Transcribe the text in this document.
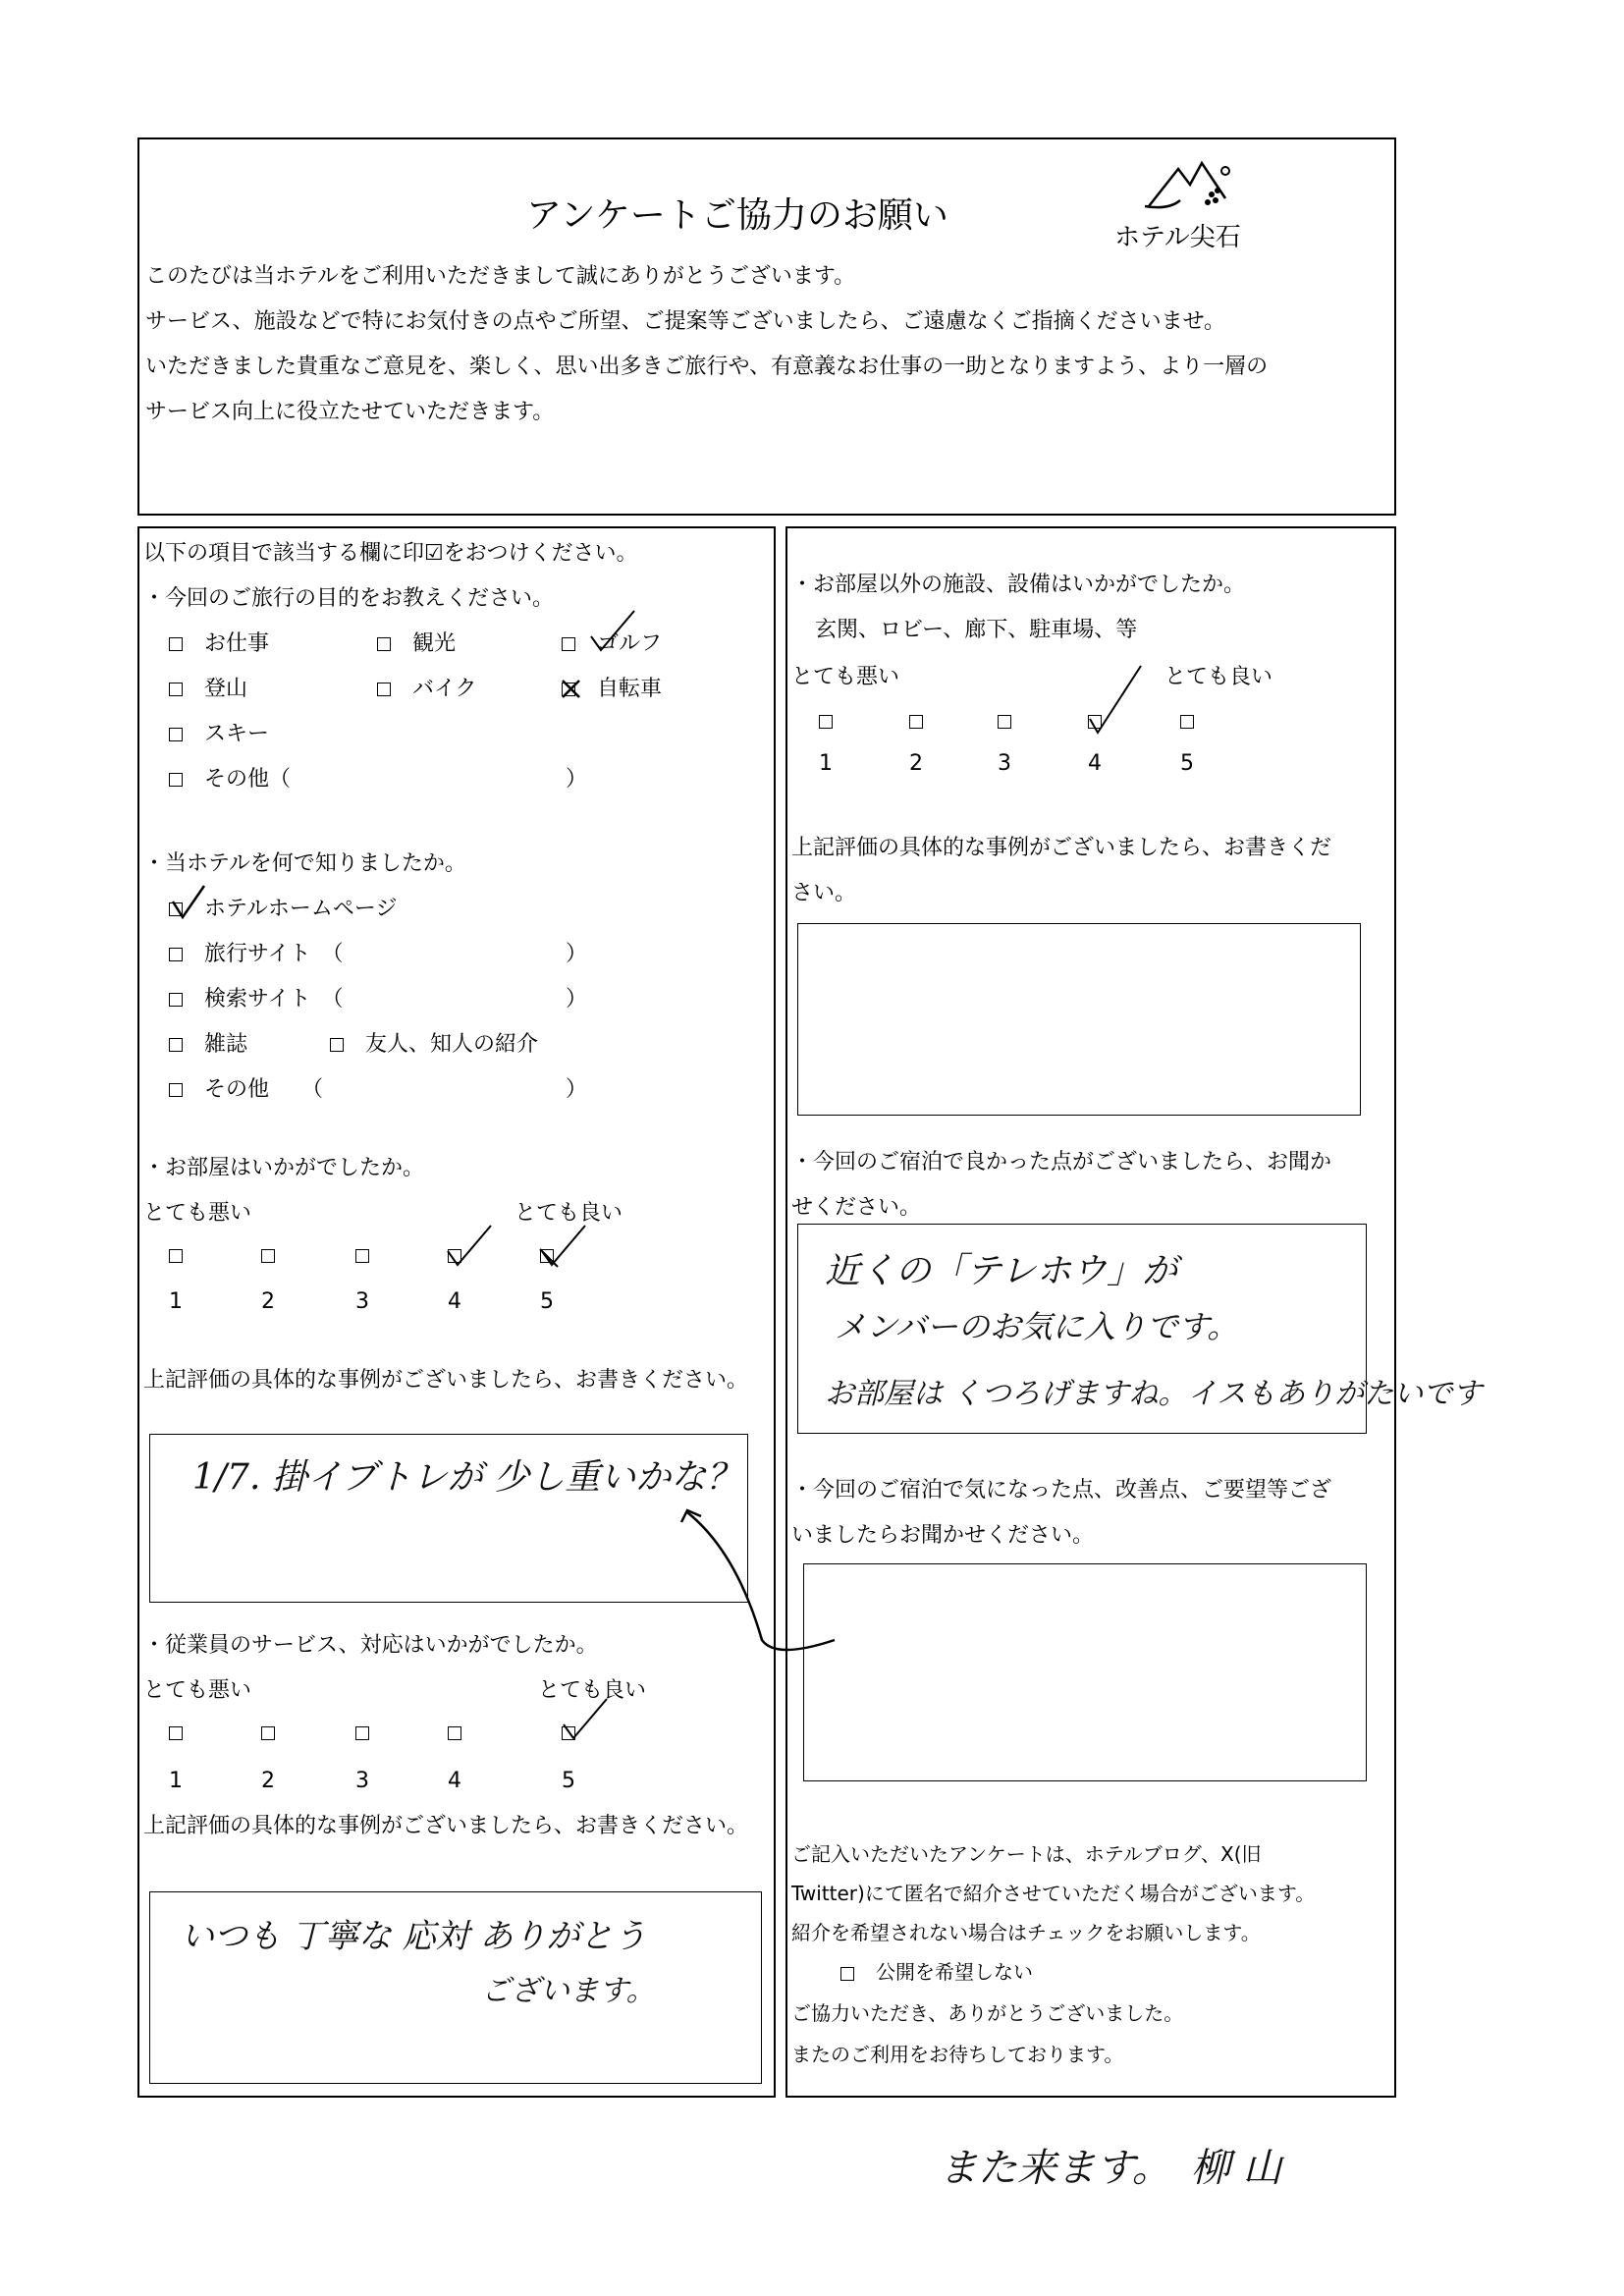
アンケートご協力のお願い
ホテル尖石
このたびは当ホテルをご利用いただきまして誠にありがとうございます。
サービス、施設などで特にお気付きの点やご所望、ご提案等ございましたら、ご遠慮なくご指摘くださいませ。
いただきました貴重なご意見を、楽しく、思い出多きご旅行や、有意義なお仕事の一助となりますよう、より一層の
サービス向上に役立たせていただきます。
以下の項目で該当する欄に印☑をおつけください。
・今回のご旅行の目的をお教えください。
お仕事	観光	ゴルフ
登山	バイク	自転車
スキー
その他（	）
・当ホテルを何で知りましたか。
ホテルホームページ
旅行サイト　（	）
検索サイト　（	）
雑誌	友人、知人の紹介
その他　　（	）
・お部屋はいかがでしたか。
とても悪い	とても良い
1	2	3	4	5
上記評価の具体的な事例がございましたら、お書きください。
1/7. 掛イブトレが 少し重いかな？
・従業員のサービス、対応はいかがでしたか。
とても悪い	とても良い
1	2	3	4	5
上記評価の具体的な事例がございましたら、お書きください。
いつも 丁寧な 応対 ありがとう
ございます。
・お部屋以外の施設、設備はいかがでしたか。
玄関、ロビー、廊下、駐車場、等
とても悪い	とても良い
1	2	3	4	5
上記評価の具体的な事例がございましたら、お書きくだ
さい。
・今回のご宿泊で良かった点がございましたら、お聞か
せください。
近くの「テレホウ」が
メンバーのお気に入りです。
お部屋は くつろげますね。イスもありがたいです
・今回のご宿泊で気になった点、改善点、ご要望等ござ
いましたらお聞かせください。
ご記入いただいたアンケートは、ホテルブログ、X(旧
Twitter)にて匿名で紹介させていただく場合がございます。
紹介を希望されない場合はチェックをお願いします。
公開を希望しない
ご協力いただき、ありがとうございました。
またのご利用をお待ちしております。
また来ます。　柳 山
